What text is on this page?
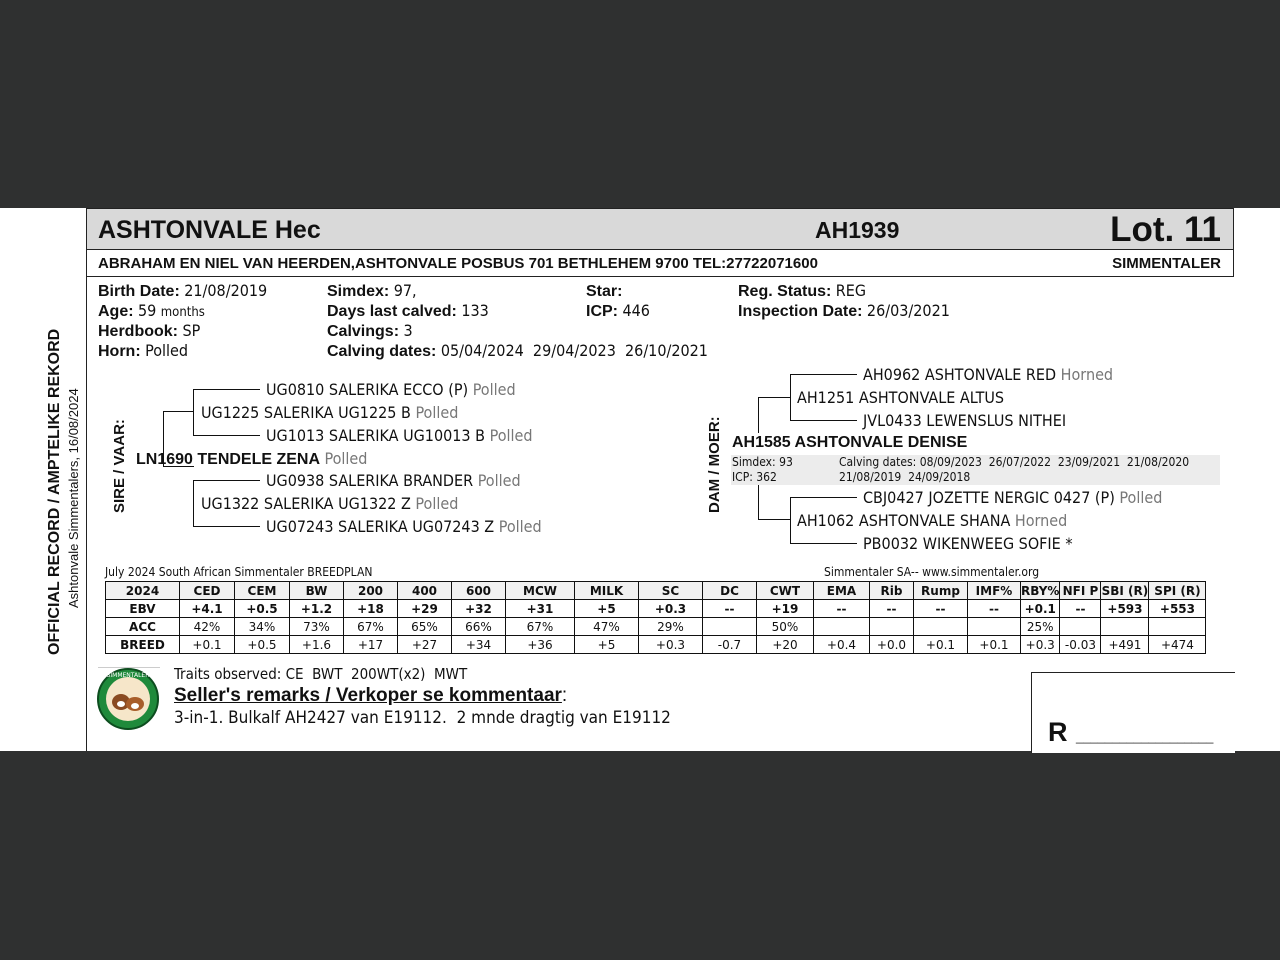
OFFICIAL RECORD / AMPTELIKE REKORD Ashtonvale Simmentalers, 16/08/2024
ASHTONVALE Hec	AH1939	Lot. 11
ABRAHAM EN NIEL VAN HEERDEN,ASHTONVALE POSBUS 701 BETHLEHEM 9700 TEL:27722071600	SIMMENTALER
Birth Date: 21/08/2019
Age: 59 months
Herdbook: SP
Horn: Polled
Simdex: 97,
Days last calved: 133
Calvings: 3
Calving dates: 05/04/2024  29/04/2023  26/10/2021
Star:
ICP: 446
Reg. Status: REG
Inspection Date: 26/03/2021
SIRE / VAAR:
UG0810 SALERIKA ECCO (P) Polled
UG1225 SALERIKA UG1225 B Polled
UG1013 SALERIKA UG10013 B Polled
LN1690 TENDELE ZENA Polled
UG0938 SALERIKA BRANDER Polled
UG1322 SALERIKA UG1322 Z Polled
UG07243 SALERIKA UG07243 Z Polled
DAM / MOER:
AH0962 ASHTONVALE RED Horned
AH1251 ASHTONVALE ALTUS
JVL0433 LEWENSLUS NITHEI
AH1585 ASHTONVALE DENISE
Simdex: 93
ICP: 362
Calving dates: 08/09/2023  26/07/2022  23/09/2021  21/08/2020
21/08/2019  24/09/2018
CBJ0427 JOZETTE NERGIC 0427 (P) Polled
AH1062 ASHTONVALE SHANA Horned
PB0032 WIKENWEEG SOFIE *
July 2024 South African Simmentaler BREEDPLAN	Simmentaler SA-- www.simmentaler.org
2024	CED	CEM	BW	200	400	600	MCW	MILK	SC	DC	CWT	EMA	Rib	Rump	IMF%	RBY%	NFI P	SBI (R)	SPI (R)
EBV	+4.1	+0.5	+1.2	+18	+29	+32	+31	+5	+0.3	--	+19	--	--	--	--	+0.1	--	+593	+553
ACC	42%	34%	73%	67%	65%	66%	67%	47%	29%		50%					25%			
BREED	+0.1	+0.5	+1.6	+17	+27	+34	+36	+5	+0.3	-0.7	+20	+0.4	+0.0	+0.1	+0.1	+0.3	-0.03	+491	+474
SIMMENTALER Traits observed: CE  BWT  200WT(x2)  MWT
Seller's remarks / Verkoper se kommentaar:
3-in-1. Bulkalf AH2427 van E19112.  2 mnde dragtig van E19112	R ___________________
